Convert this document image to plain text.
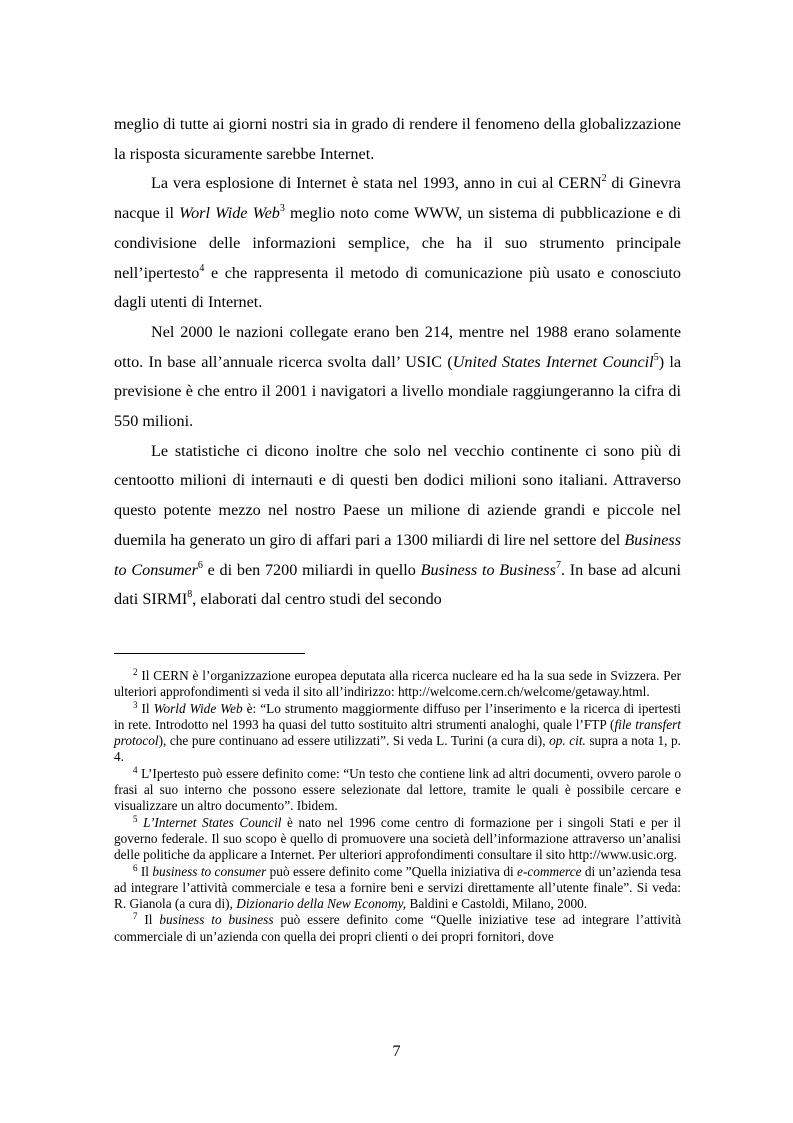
meglio di tutte ai giorni nostri sia in grado di rendere il fenomeno della globalizzazione la risposta sicuramente sarebbe Internet.

La vera esplosione di Internet è stata nel 1993, anno in cui al CERN$^2$ di Ginevra nacque il Worl Wide Web$^3$ meglio noto come WWW, un sistema di pubblicazione e di condivisione delle informazioni semplice, che ha il suo strumento principale nell’ipertesto$^4$ e che rappresenta il metodo di comunicazione più usato e conosciuto dagli utenti di Internet.

Nel 2000 le nazioni collegate erano ben 214, mentre nel 1988 erano solamente otto. In base all’annuale ricerca svolta dall’ USIC (United States Internet Council$^5$) la previsione è che entro il 2001 i navigatori a livello mondiale raggiungeranno la cifra di 550 milioni.

Le statistiche ci dicono inoltre che solo nel vecchio continente ci sono più di centootto milioni di internauti e di questi ben dodici milioni sono italiani. Attraverso questo potente mezzo nel nostro Paese un milione di aziende grandi e piccole nel duemila ha generato un giro di affari pari a 1300 miliardi di lire nel settore del Business to Consumer$^6$ e di ben 7200 miliardi in quello Business to Business$^7$. In base ad alcuni dati SIRMI$^8$, elaborati dal centro studi del secondo

$^2$ Il CERN è l’organizzazione europea deputata alla ricerca nucleare ed ha la sua sede in Svizzera. Per ulteriori approfondimenti si veda il sito all’indirizzo: http://welcome.cern.ch/welcome/getaway.html.

$^3$ Il World Wide Web è: “Lo strumento maggiormente diffuso per l’inserimento e la ricerca di ipertesti in rete. Introdotto nel 1993 ha quasi del tutto sostituito altri strumenti analoghi, quale l’FTP (file transfert protocol), che pure continuano ad essere utilizzati”. Si veda L. Turini (a cura di), op. cit. supra a nota 1, p. 4.

$^4$ L’Ipertesto può essere definito come: “Un testo che contiene link ad altri documenti, ovvero parole o frasi al suo interno che possono essere selezionate dal lettore, tramite le quali è possibile cercare e visualizzare un altro documento”. Ibidem.

$^5$ L’Internet States Council è nato nel 1996 come centro di formazione per i singoli Stati e per il governo federale. Il suo scopo è quello di promuovere una società dell’informazione attraverso un’analisi delle politiche da applicare a Internet. Per ulteriori approfondimenti consultare il sito http://www.usic.org.

$^6$ Il business to consumer può essere definito come ”Quella iniziativa di e-commerce di un’azienda tesa ad integrare l’attività commerciale e tesa a fornire beni e servizi direttamente all’utente finale”. Si veda: R. Gianola (a cura di), Dizionario della New Economy, Baldini e Castoldi, Milano, 2000.

$^7$ Il business to business può essere definito come “Quelle iniziative tese ad integrare l’attività commerciale di un’azienda con quella dei propri clienti o dei propri fornitori, dove

7
